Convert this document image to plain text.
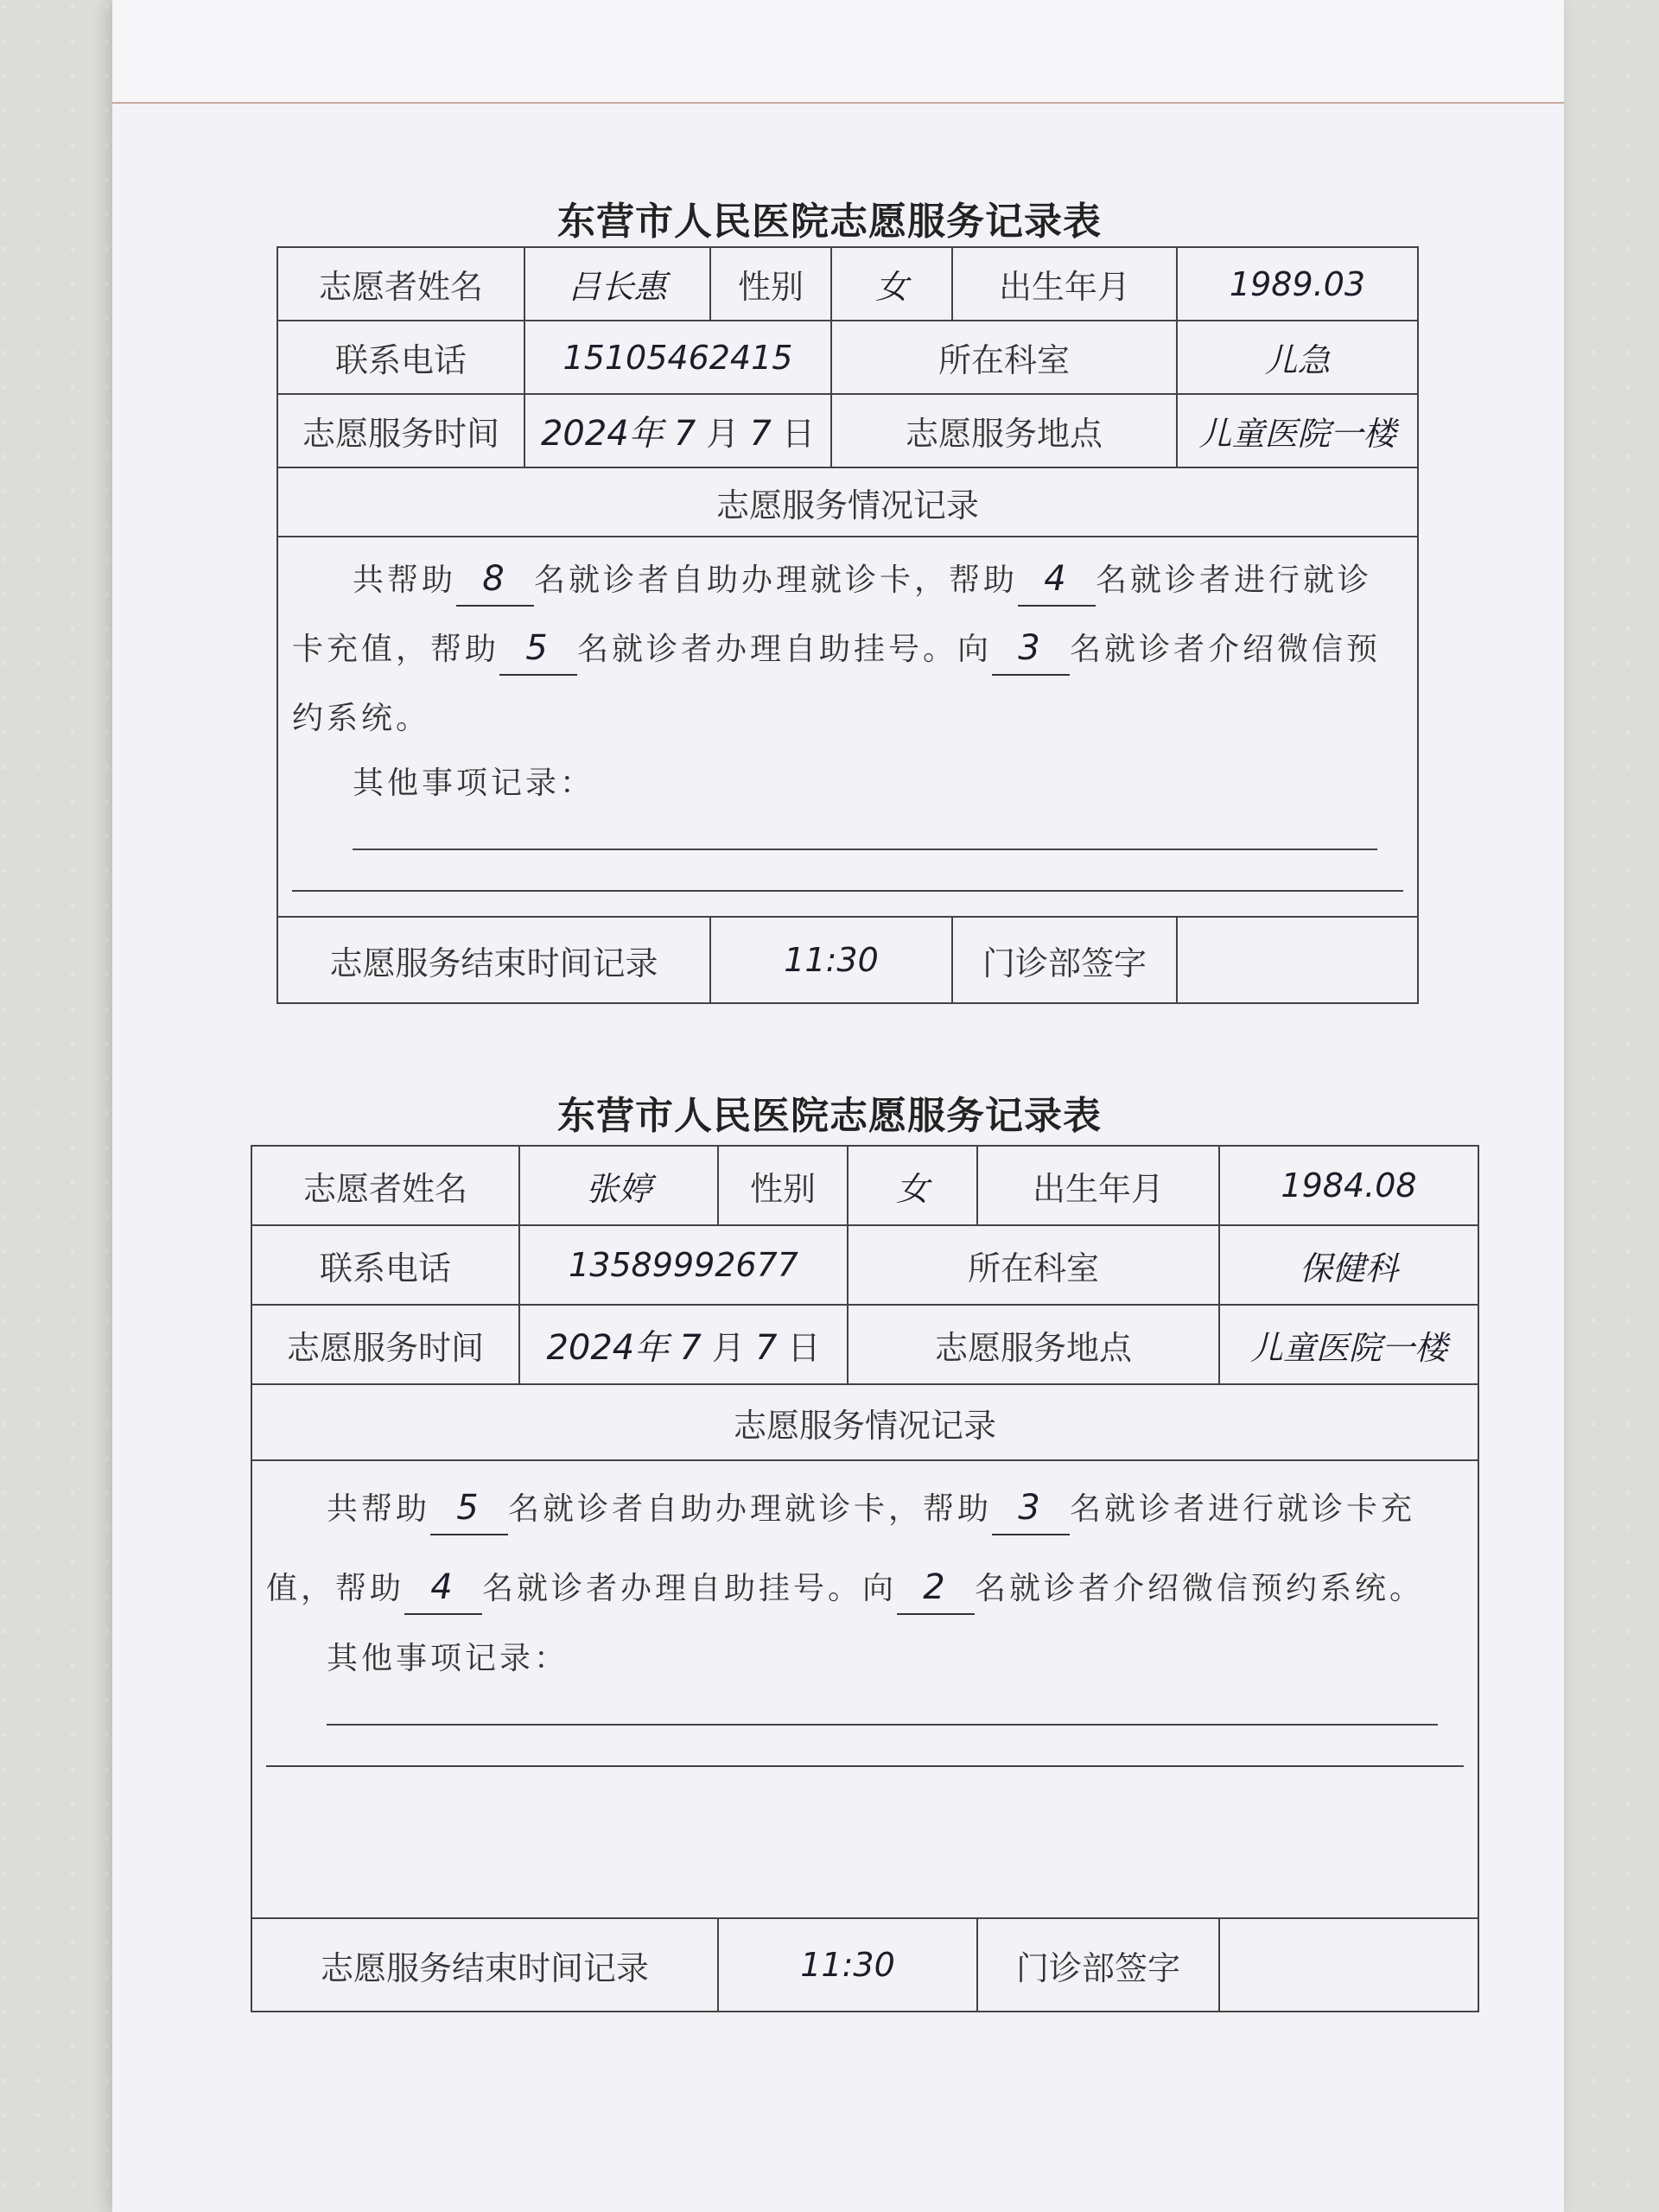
东营市人民医院志愿服务记录表
志愿者姓名	吕长惠	性别	女	出生年月	1989.03
联系电话	15105462415		所在科室		儿急
志愿服务时间	2024年 7 月 7 日		志愿服务地点		儿童医院一楼
志愿服务情况记录					
共帮助 8 名就诊者自助办理就诊卡，帮助 4 名就诊者进行就诊卡充值，帮助 5 名就诊者办理自助挂号。向 3 名就诊者介绍微信预约系统。
其他事项记录：					

志愿服务结束时间记录		11:30		门诊部签字	
东营市人民医院志愿服务记录表
志愿者姓名	张婷	性别	女	出生年月	1984.08
联系电话	13589992677		所在科室		保健科
志愿服务时间	2024年 7 月 7 日		志愿服务地点		儿童医院一楼
志愿服务情况记录					
共帮助 5 名就诊者自助办理就诊卡，帮助 3 名就诊者进行就诊卡充值，帮助 4 名就诊者办理自助挂号。向 2 名就诊者介绍微信预约系统。
其他事项记录：					

志愿服务结束时间记录		11:30		门诊部签字	
